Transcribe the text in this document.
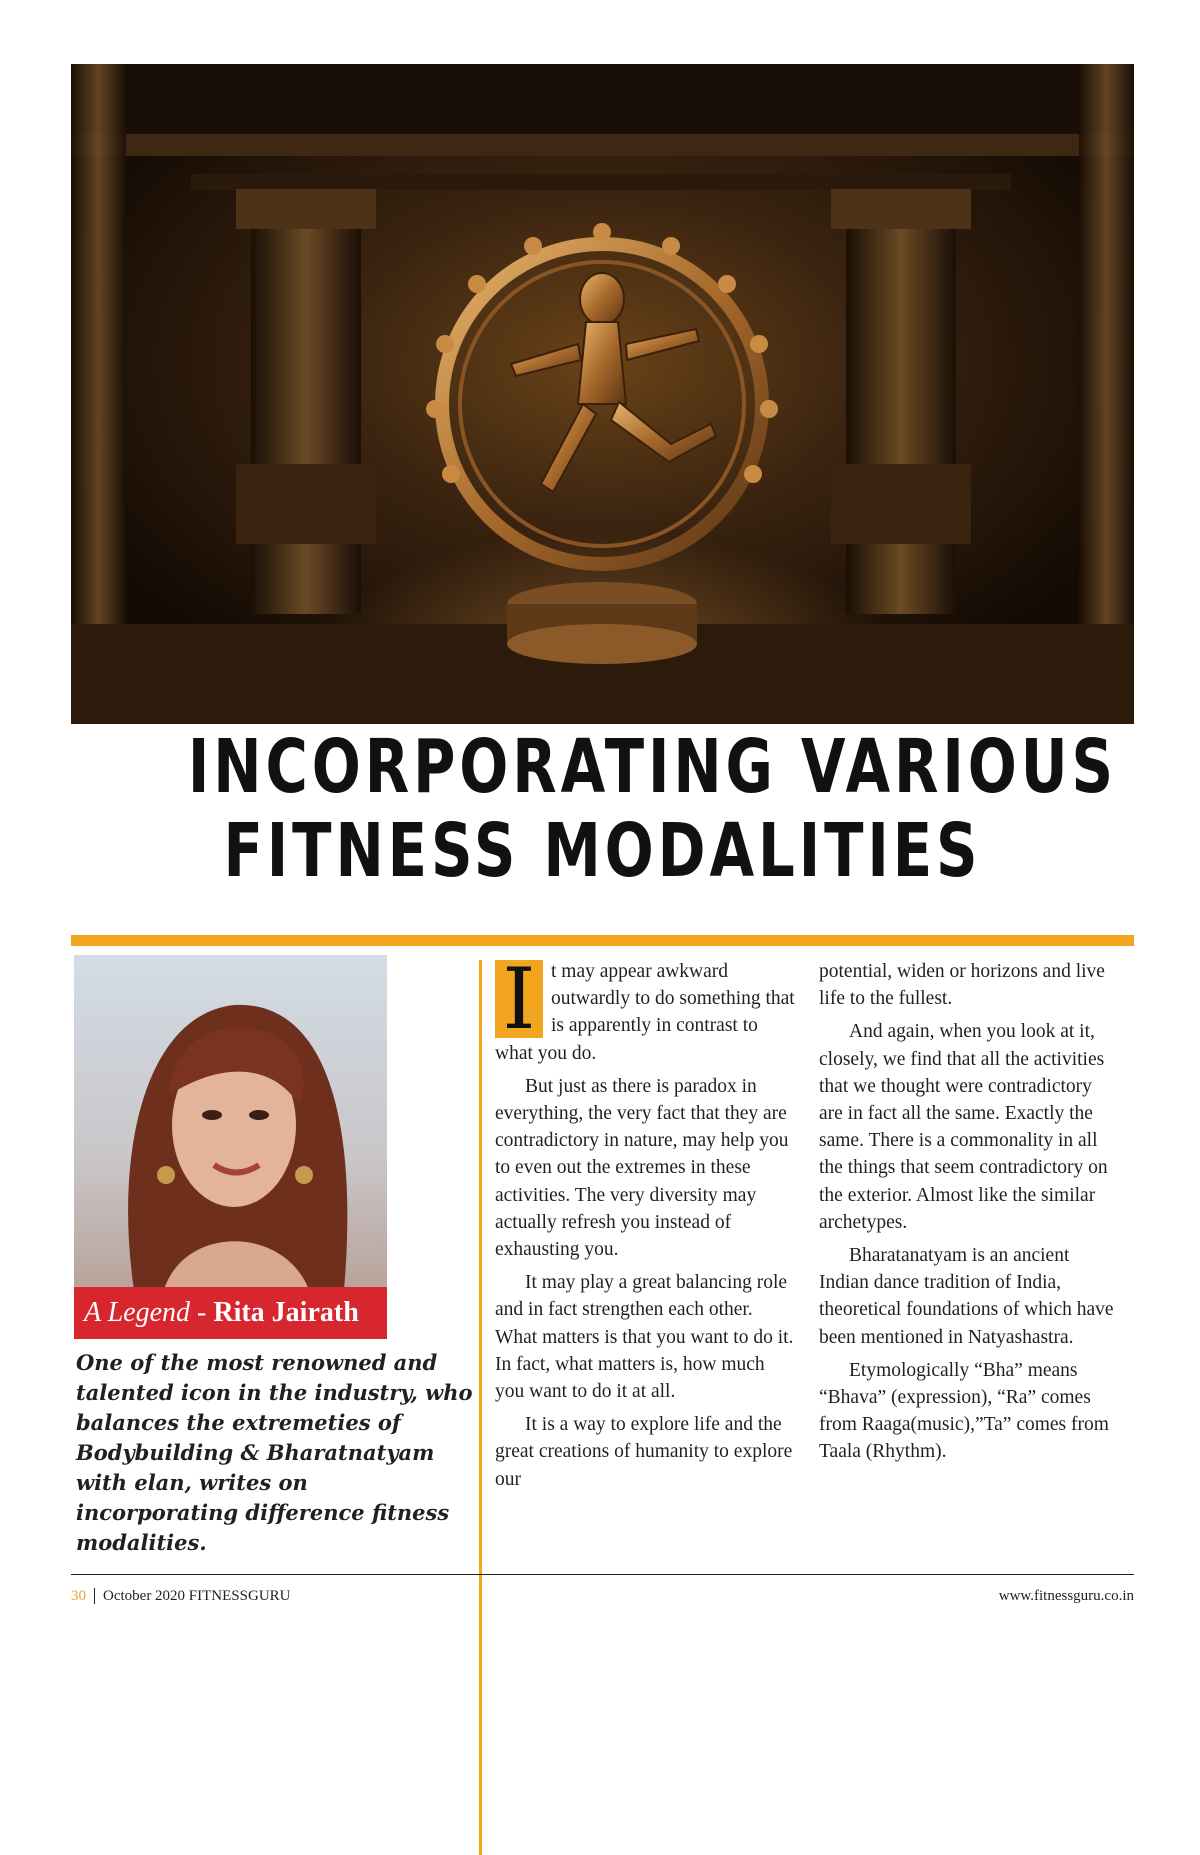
INCORPORATING VARIOUS
FITNESS MODALITIES
A Legend - Rita Jairath

One of the most renowned and talented icon in the industry, who balances the extremeties of Bodybuilding & Bharatnatyam with elan, writes on incorporating difference fitness modalities.

I t may appear awkward outwardly to do something that is apparently in contrast to what you do.

But just as there is paradox in everything, the very fact that they are contradictory in nature, may help you to even out the extremes in these activities. The very diversity may actually refresh you instead of exhausting you.

It may play a great balancing role and in fact strengthen each other. What matters is that you want to do it. In fact, what matters is, how much you want to do it at all.

It is a way to explore life and the great creations of humanity to explore our

potential, widen or horizons and live life to the fullest.

And again, when you look at it, closely, we find that all the activities that we thought were contradictory are in fact all the same. Exactly the same. There is a commonality in all the things that seem contradictory on the exterior. Almost like the similar archetypes.

Bharatanatyam is an ancient Indian dance tradition of India, theoretical foundations of which have been mentioned in Natyashastra.

Etymologically “Bha” means “Bhava” (expression), “Ra” comes from Raaga(music),”Ta” comes from Taala (Rhythm).

30 October 2020 FITNESSGURU	www.fitnessguru.co.in
